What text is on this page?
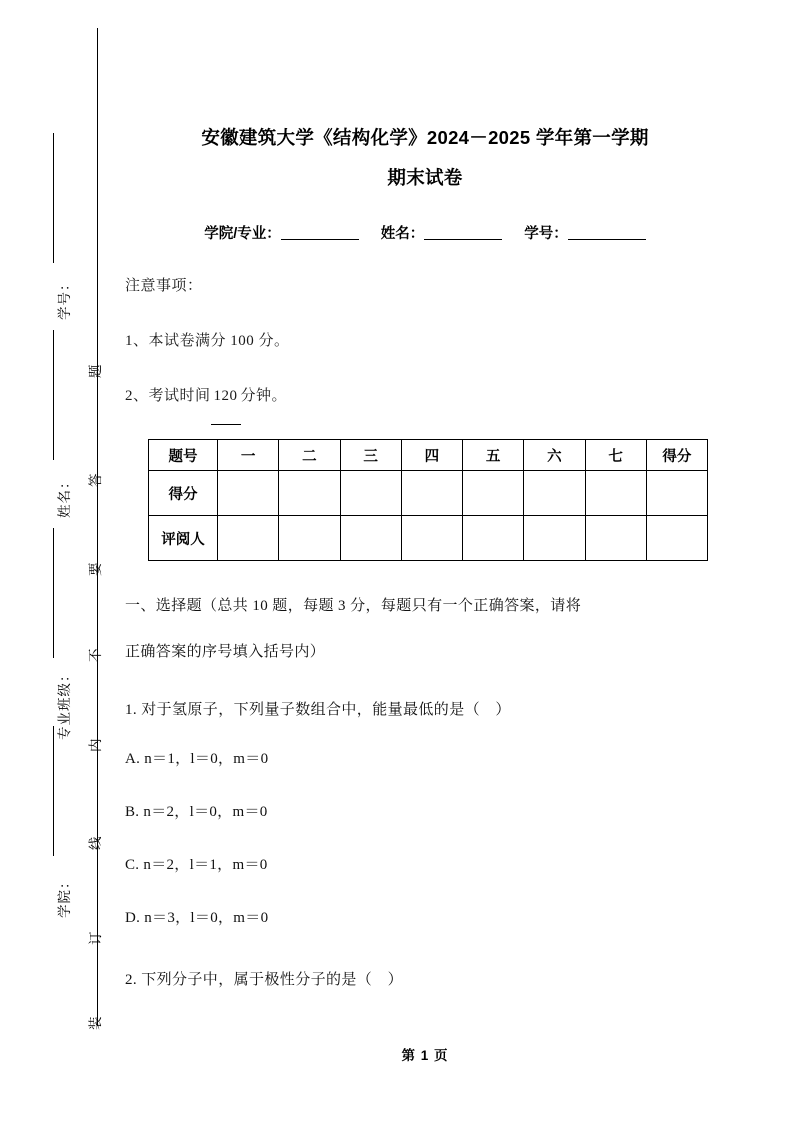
学号：
姓名：
专业班级：
学院：
题
答
要
不
内
线
订
装
安徽建筑大学《结构化学》2024－2025 学年第一学期
期末试卷
学院/专业：	姓名：	学号：

注意事项：

1、本试卷满分 100 分。

2、考试时间 120 分钟。

题号	一	二	三	四	五	六	七	得分
得分								
评阅人								

一、选择题（总共 10 题，每题 3 分，每题只有一个正确答案，请将

正确答案的序号填入括号内）

1. 对于氢原子，下列量子数组合中，能量最低的是（　）

A. n＝1，l＝0，m＝0

B. n＝2，l＝0，m＝0

C. n＝2，l＝1，m＝0

D. n＝3，l＝0，m＝0

2. 下列分子中，属于极性分子的是（　）

第 1 页
